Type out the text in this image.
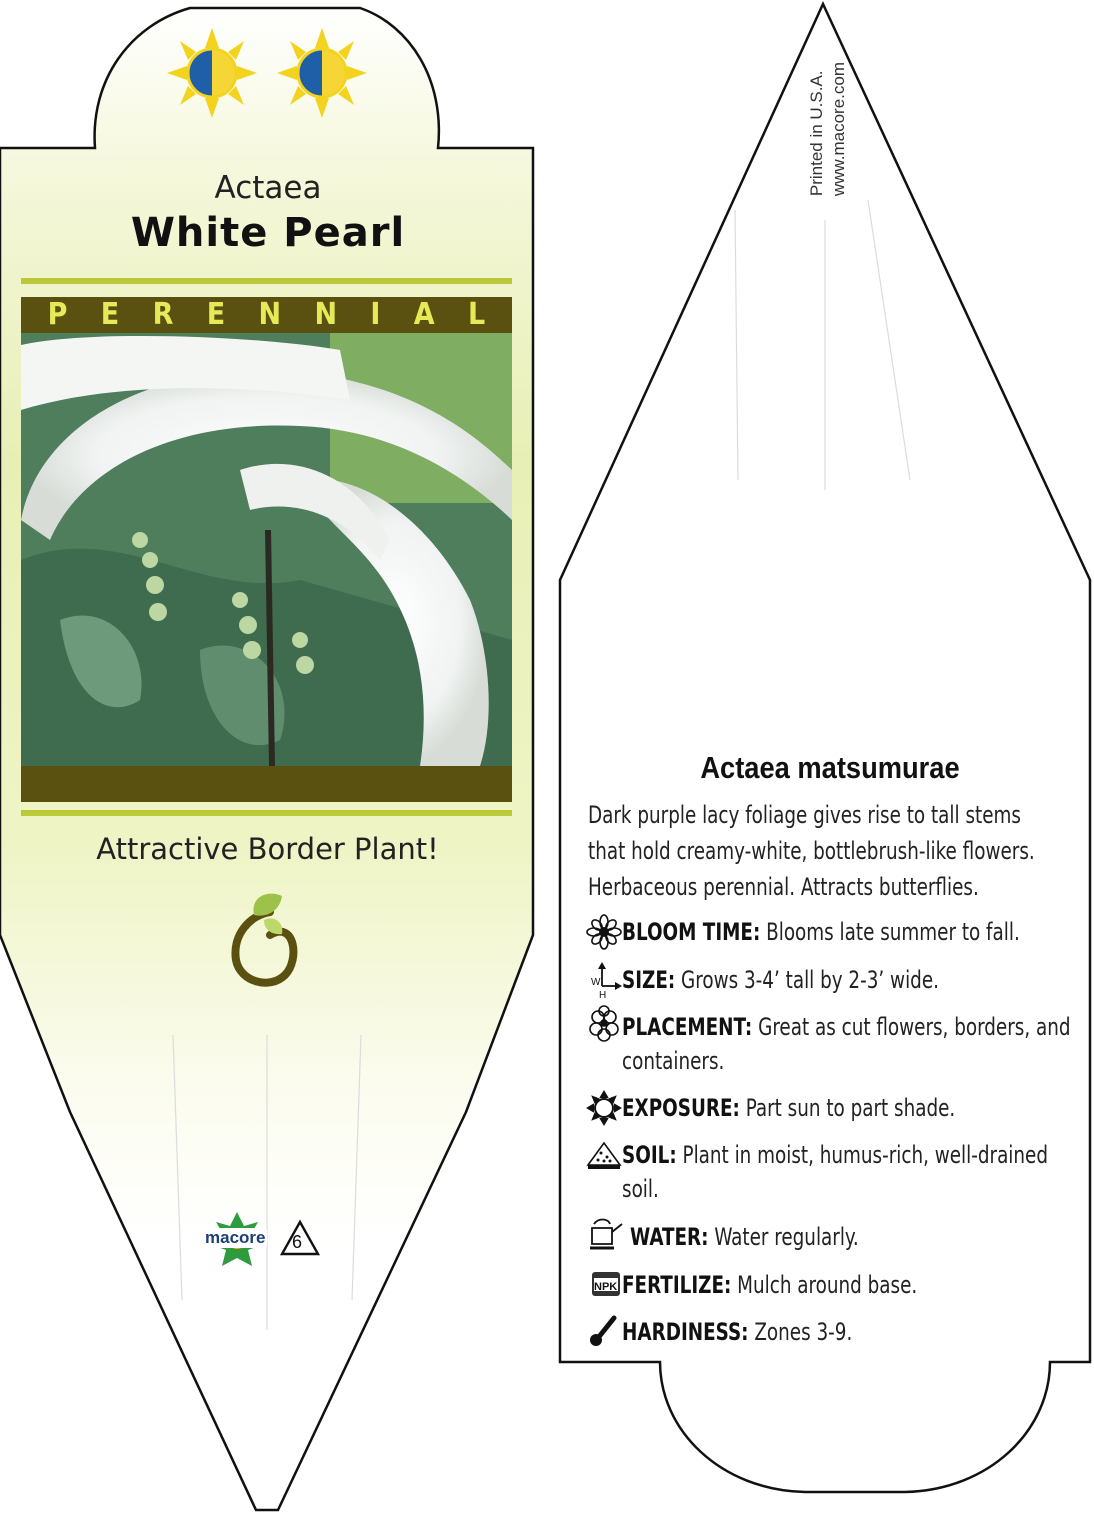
W
H
NPK
Actaea
White Pearl
P E R E N N I A L
Attractive Border Plant!
macore 6
Printed in U.S.A. www.macore.com
Actaea matsumurae
Dark purple lacy foliage gives rise to tall stems that hold creamy-white, bottlebrush-like flowers. Herbaceous perennial. Attracts butterflies.
BLOOM TIME: Blooms late summer to fall.
SIZE: Grows 3-4’ tall by 2-3’ wide.
PLACEMENT: Great as cut flowers, borders, and containers.
EXPOSURE: Part sun to part shade.
SOIL: Plant in moist, humus-rich, well-drained soil.
WATER: Water regularly.
FERTILIZE: Mulch around base.
HARDINESS: Zones 3-9.
